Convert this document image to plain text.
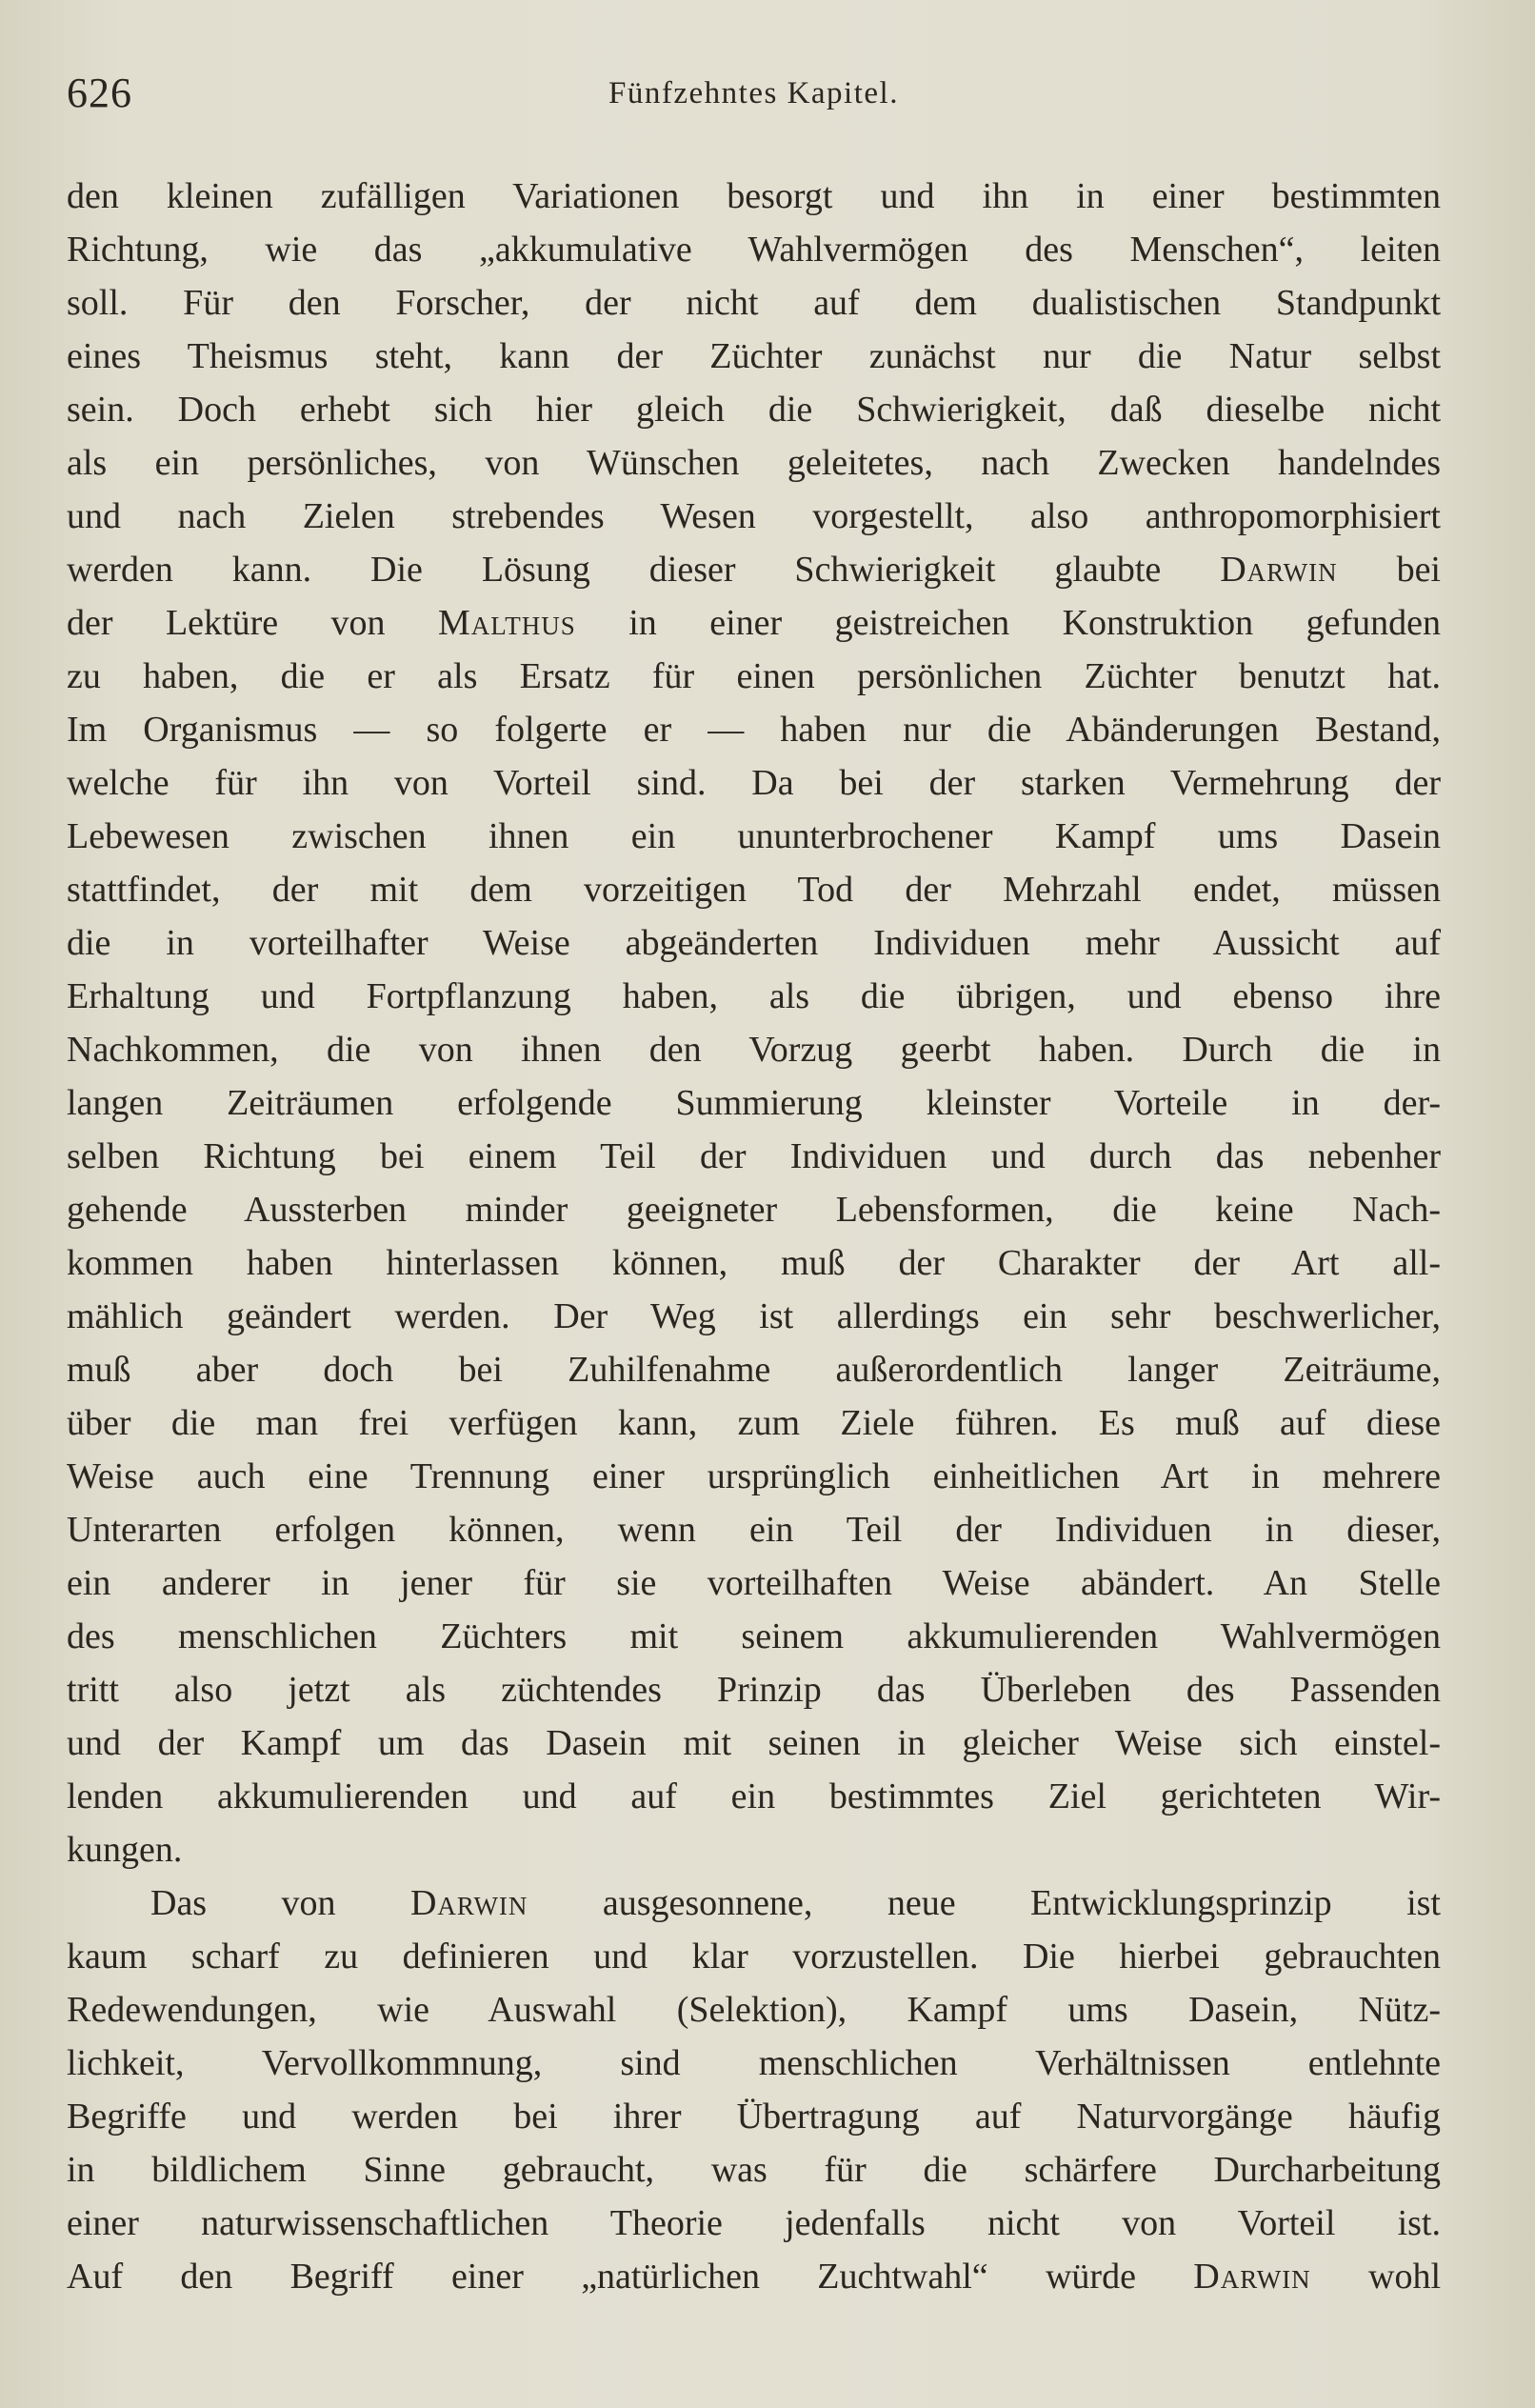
626	Fünfzehntes Kapitel.
den kleinen zufälligen Variationen besorgt und ihn in einer bestimmten
Richtung, wie das „akkumulative Wahlvermögen des Menschen“, leiten
soll. Für den Forscher, der nicht auf dem dualistischen Standpunkt
eines Theismus steht, kann der Züchter zunächst nur die Natur selbst
sein. Doch erhebt sich hier gleich die Schwierigkeit, daß dieselbe nicht
als ein persönliches, von Wünschen geleitetes, nach Zwecken handelndes
und nach Zielen strebendes Wesen vorgestellt, also anthropomorphisiert
werden kann. Die Lösung dieser Schwierigkeit glaubte Darwin bei
der Lektüre von Malthus in einer geistreichen Konstruktion gefunden
zu haben, die er als Ersatz für einen persönlichen Züchter benutzt hat.
Im Organismus — so folgerte er — haben nur die Abänderungen Bestand,
welche für ihn von Vorteil sind. Da bei der starken Vermehrung der
Lebewesen zwischen ihnen ein ununterbrochener Kampf ums Dasein
stattfindet, der mit dem vorzeitigen Tod der Mehrzahl endet, müssen
die in vorteilhafter Weise abgeänderten Individuen mehr Aussicht auf
Erhaltung und Fortpflanzung haben, als die übrigen, und ebenso ihre
Nachkommen, die von ihnen den Vorzug geerbt haben. Durch die in
langen Zeiträumen erfolgende Summierung kleinster Vorteile in der-
selben Richtung bei einem Teil der Individuen und durch das nebenher
gehende Aussterben minder geeigneter Lebensformen, die keine Nach-
kommen haben hinterlassen können, muß der Charakter der Art all-
mählich geändert werden. Der Weg ist allerdings ein sehr beschwerlicher,
muß aber doch bei Zuhilfenahme außerordentlich langer Zeiträume,
über die man frei verfügen kann, zum Ziele führen. Es muß auf diese
Weise auch eine Trennung einer ursprünglich einheitlichen Art in mehrere
Unterarten erfolgen können, wenn ein Teil der Individuen in dieser,
ein anderer in jener für sie vorteilhaften Weise abändert. An Stelle
des menschlichen Züchters mit seinem akkumulierenden Wahlvermögen
tritt also jetzt als züchtendes Prinzip das Überleben des Passenden
und der Kampf um das Dasein mit seinen in gleicher Weise sich einstel-
lenden akkumulierenden und auf ein bestimmtes Ziel gerichteten Wir-
kungen.
Das von Darwin ausgesonnene, neue Entwicklungsprinzip ist
kaum scharf zu definieren und klar vorzustellen. Die hierbei gebrauchten
Redewendungen, wie Auswahl (Selektion), Kampf ums Dasein, Nütz-
lichkeit, Vervollkommnung, sind menschlichen Verhältnissen entlehnte
Begriffe und werden bei ihrer Übertragung auf Naturvorgänge häufig
in bildlichem Sinne gebraucht, was für die schärfere Durcharbeitung
einer naturwissenschaftlichen Theorie jedenfalls nicht von Vorteil ist.
Auf den Begriff einer „natürlichen Zuchtwahl“ würde Darwin wohl
